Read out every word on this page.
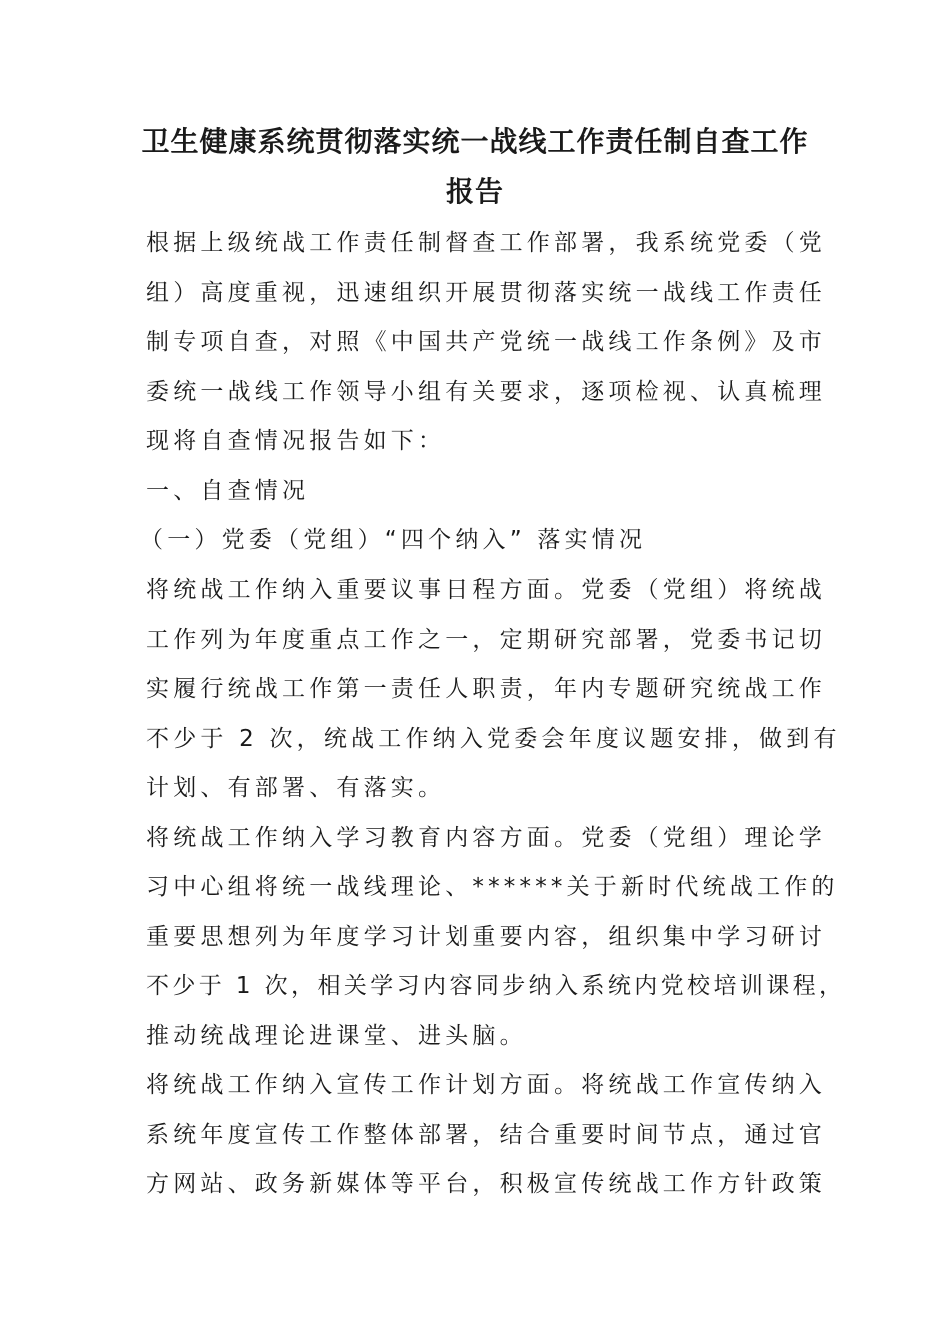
卫生健康系统贯彻落实统一战线工作责任制自查工作
报告
根据上级统战工作责任制督查工作部署，我系统党委（党
组）高度重视，迅速组织开展贯彻落实统一战线工作责任
制专项自查，对照《中国共产党统一战线工作条例》及市
委统一战线工作领导小组有关要求，逐项检视、认真梳理
现将自查情况报告如下：
一、自查情况
（一）党委（党组）“四个纳入” 落实情况
将统战工作纳入重要议事日程方面。党委（党组）将统战
工作列为年度重点工作之一，定期研究部署，党委书记切
实履行统战工作第一责任人职责，年内专题研究统战工作
不少于 2 次，统战工作纳入党委会年度议题安排，做到有
计划、有部署、有落实。
将统战工作纳入学习教育内容方面。党委（党组）理论学
习中心组将统一战线理论、******关于新时代统战工作的
重要思想列为年度学习计划重要内容，组织集中学习研讨
不少于 1 次，相关学习内容同步纳入系统内党校培训课程，
推动统战理论进课堂、进头脑。
将统战工作纳入宣传工作计划方面。将统战工作宣传纳入
系统年度宣传工作整体部署，结合重要时间节点，通过官
方网站、政务新媒体等平台，积极宣传统战工作方针政策
